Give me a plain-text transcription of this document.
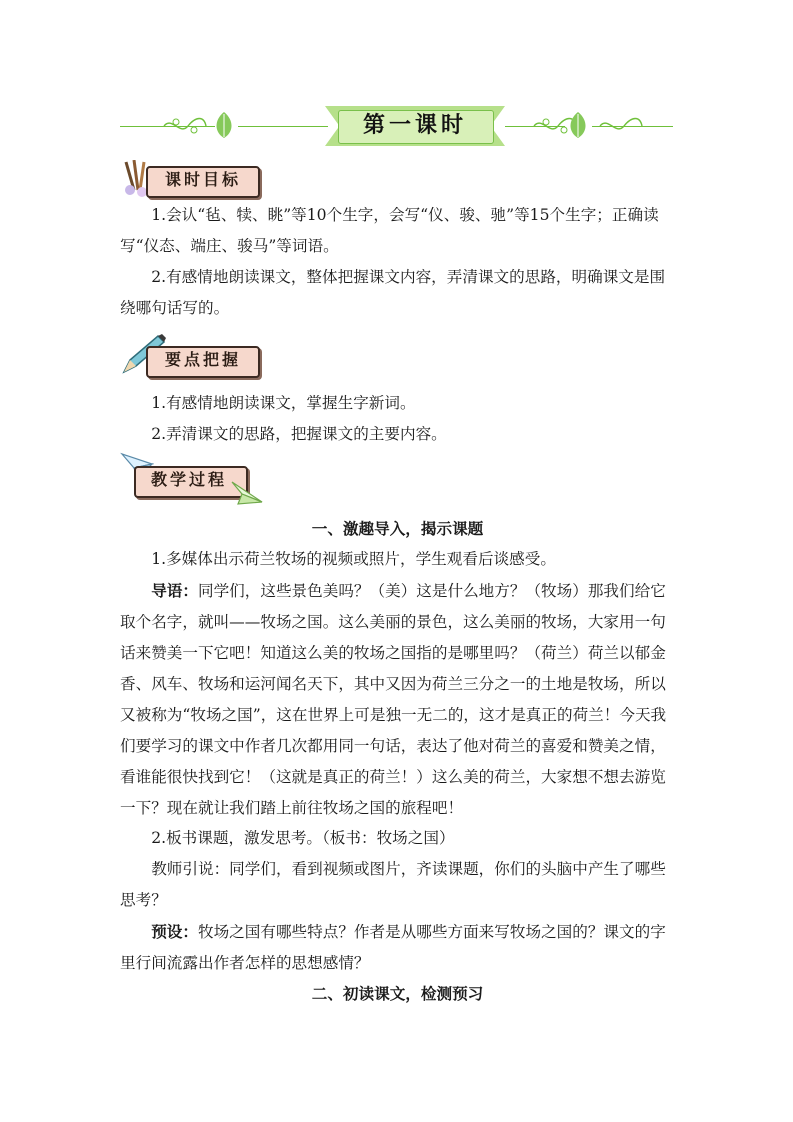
第一课时
课时目标

1.会认“毡、犊、眺”等10个生字，会写“仪、骏、驰”等15个生字；正确读写“仪态、端庄、骏马”等词语。

2.有感情地朗读课文，整体把握课文内容，弄清课文的思路，明确课文是围绕哪句话写的。

要点把握

1.有感情地朗读课文，掌握生字新词。

2.弄清课文的思路，把握课文的主要内容。

教学过程

一、激趣导入，揭示课题

1.多媒体出示荷兰牧场的视频或照片，学生观看后谈感受。

导语：同学们，这些景色美吗？（美）这是什么地方？（牧场）那我们给它取个名字，就叫——牧场之国。这么美丽的景色，这么美丽的牧场，大家用一句话来赞美一下它吧！知道这么美的牧场之国指的是哪里吗？（荷兰）荷兰以郁金香、风车、牧场和运河闻名天下，其中又因为荷兰三分之一的土地是牧场，所以又被称为“牧场之国”，这在世界上可是独一无二的，这才是真正的荷兰！今天我们要学习的课文中作者几次都用同一句话，表达了他对荷兰的喜爱和赞美之情，看谁能很快找到它！（这就是真正的荷兰！）这么美的荷兰，大家想不想去游览一下？现在就让我们踏上前往牧场之国的旅程吧！

2.板书课题，激发思考。（板书：牧场之国）

教师引说：同学们，看到视频或图片，齐读课题，你们的头脑中产生了哪些思考？

预设：牧场之国有哪些特点？作者是从哪些方面来写牧场之国的？课文的字里行间流露出作者怎样的思想感情？

二、初读课文，检测预习
